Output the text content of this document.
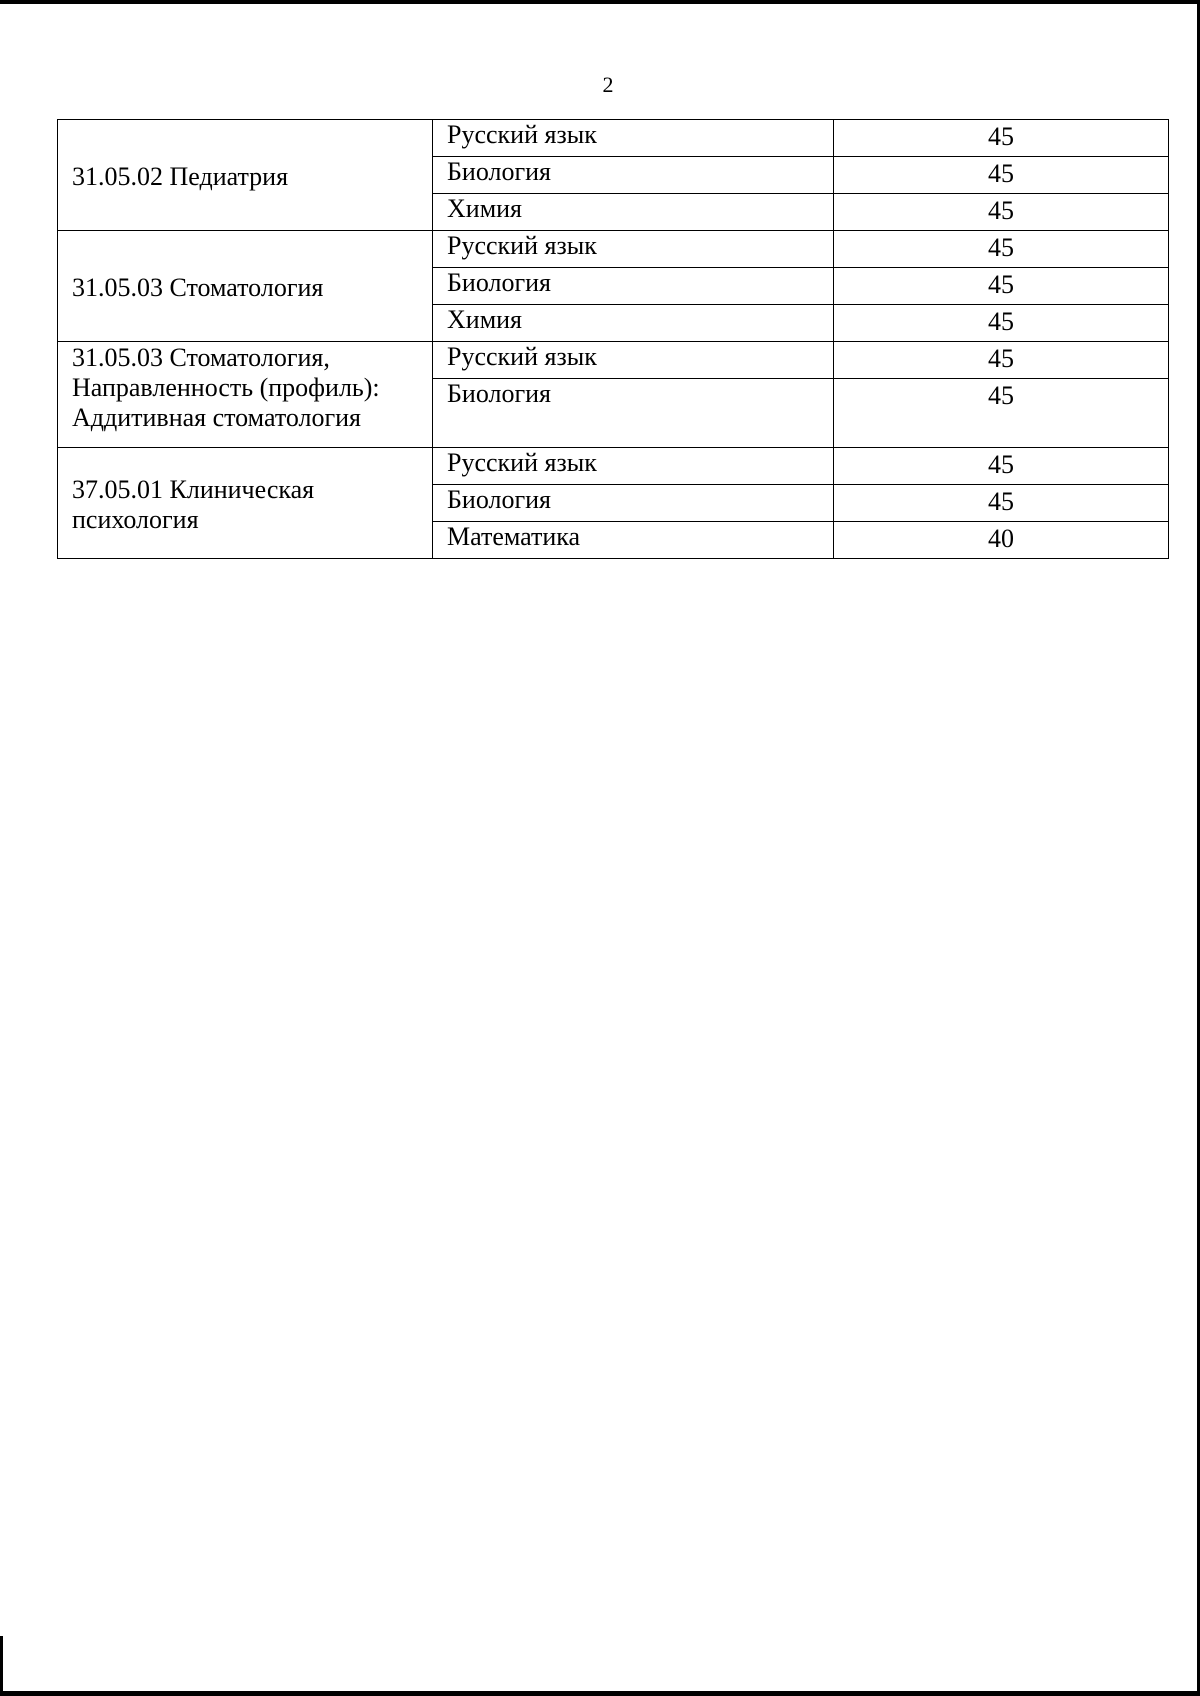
2
31.05.02 Педиатрия	Русский язык	45
	Биология	45
	Химия	45
31.05.03 Стоматология	Русский язык	45
	Биология	45
	Химия	45

31.05.03 Стоматология,
Направленность (профиль):
Аддитивная стоматология	Русский язык	45
	Биология	45

37.05.01 Клиническая
психология	Русский язык	45
	Биология	45
	Математика	40
